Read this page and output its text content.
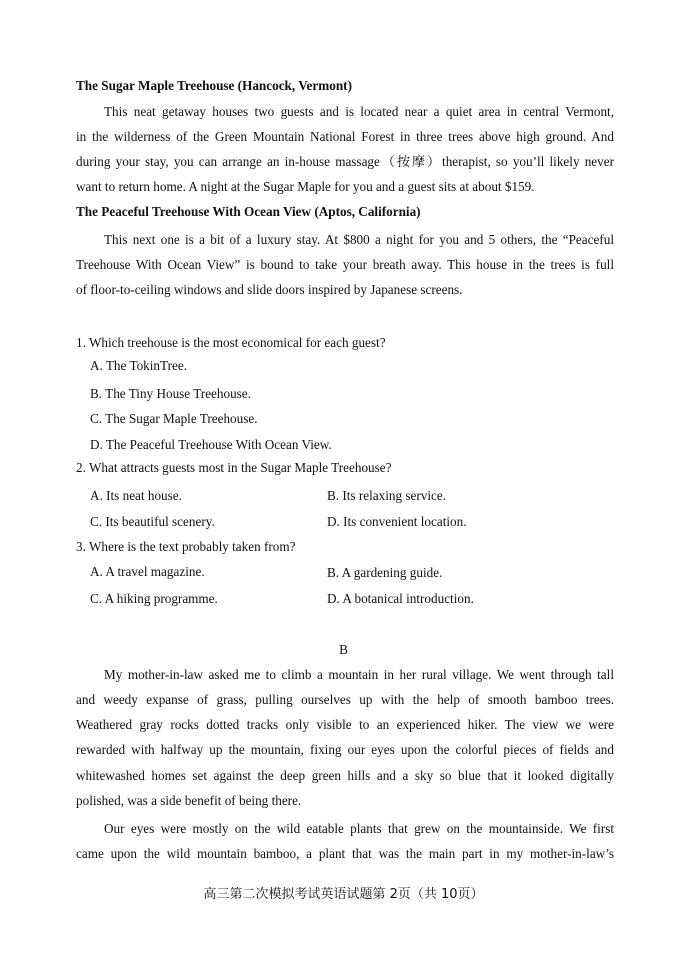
The Sugar Maple Treehouse (Hancock, Vermont)
This neat getaway houses two guests and is located near a quiet area in central Vermont,
in the wilderness of the Green Mountain National Forest in three trees above high ground. And
during your stay, you can arrange an in-house massage（按摩）therapist, so you’ll likely never
want to return home. A night at the Sugar Maple for you and a guest sits at about $159.
The Peaceful Treehouse With Ocean View (Aptos, California)
This next one is a bit of a luxury stay. At $800 a night for you and 5 others, the “Peaceful
Treehouse With Ocean View” is bound to take your breath away. This house in the trees is full
of floor-to-ceiling windows and slide doors inspired by Japanese screens.
1. Which treehouse is the most economical for each guest?
A. The TokinTree.
B. The Tiny House Treehouse.
C. The Sugar Maple Treehouse.
D. The Peaceful Treehouse With Ocean View.
2. What attracts guests most in the Sugar Maple Treehouse?
A. Its neat house.	B. Its relaxing service.
C. Its beautiful scenery.	D. Its convenient location.
3. Where is the text probably taken from?
A. A travel magazine.	B. A gardening guide.
C. A hiking programme.	D. A botanical introduction.
B
My mother-in-law asked me to climb a mountain in her rural village. We went through tall
and weedy expanse of grass, pulling ourselves up with the help of smooth bamboo trees.
Weathered gray rocks dotted tracks only visible to an experienced hiker. The view we were
rewarded with halfway up the mountain, fixing our eyes upon the colorful pieces of fields and
whitewashed homes set against the deep green hills and a sky so blue that it looked digitally
polished, was a side benefit of being there.
Our eyes were mostly on the wild eatable plants that grew on the mountainside. We first
came upon the wild mountain bamboo, a plant that was the main part in my mother-in-law’s
高三第二次模拟考试英语试题第 2页（共 10页）
